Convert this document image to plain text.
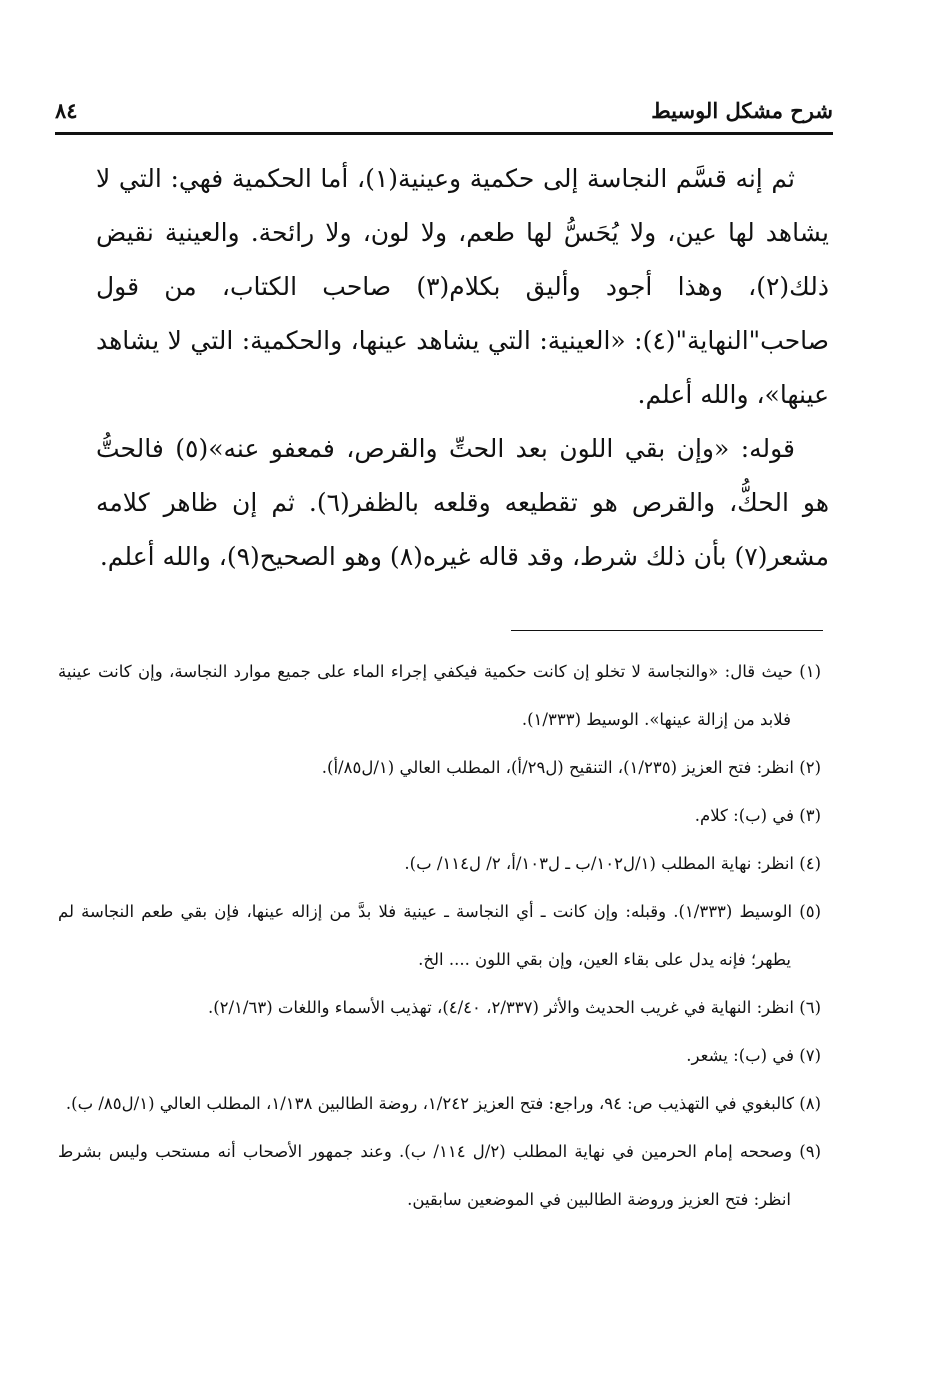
شرح مشكل الوسيط
٨٤

ثم إنه قسَّم النجاسة إلى حكمية وعينية(١)، أما الحكمية فهي: التي لا يشاهد لها عين، ولا يُحَسُّ لها طعم، ولا لون، ولا رائحة. والعينية نقيض ذلك(٢)، وهذا أجود وأليق بكلام(٣) صاحب الكتاب، من قول صاحب"النهاية"(٤): «العينية: التي يشاهد عينها، والحكمية: التي لا يشاهد عينها»، والله أعلم.

قوله: «وإن بقي اللون بعد الحتِّ والقرص، فمعفو عنه»(٥) فالحتُّ هو الحكُّ، والقرص هو تقطيعه وقلعه بالظفر(٦). ثم إن ظاهر كلامه مشعر(٧) بأن ذلك شرط، وقد قاله غيره(٨) وهو الصحيح(٩)، والله أعلم.

(١) حيث قال: «والنجاسة لا تخلو إن كانت حكمية فيكفي إجراء الماء على جميع موارد النجاسة، وإن كانت عينية فلابد من إزالة عينها». الوسيط (١/٣٣٣).

(٢) انظر: فتح العزيز (١/٢٣٥)، التنقيح (ل٢٩/أ)، المطلب العالي (١/ل٨٥/أ).

(٣) في (ب): كلام.

(٤) انظر: نهاية المطلب (١/ل١٠٢/ب ـ ل١٠٣/أ، ٢/ ل١١٤/ ب).

(٥) الوسيط (١/٣٣٣). وقبله: وإن كانت ـ أي النجاسة ـ عينية فلا بدَّ من إزاله عينها، فإن بقي طعم النجاسة لم يطهر؛ فإنه يدل على بقاء العين، وإن بقي اللون .... الخ.

(٦) انظر: النهاية في غريب الحديث والأثر (٢/٣٣٧، ٤/٤٠)، تهذيب الأسماء واللغات (٢/١/٦٣).

(٧) في (ب): يشعر.

(٨) كالبغوي في التهذيب ص: ٩٤، وراجع: فتح العزيز ١/٢٤٢، روضة الطالبين ١/١٣٨، المطلب العالي (١/ل٨٥/ ب).

(٩) وصححه إمام الحرمين في نهاية المطلب (٢/ل ١١٤/ ب). وعند جمهور الأصحاب أنه مستحب وليس بشرط انظر: فتح العزيز وروضة الطالبين في الموضعين سابقين.
